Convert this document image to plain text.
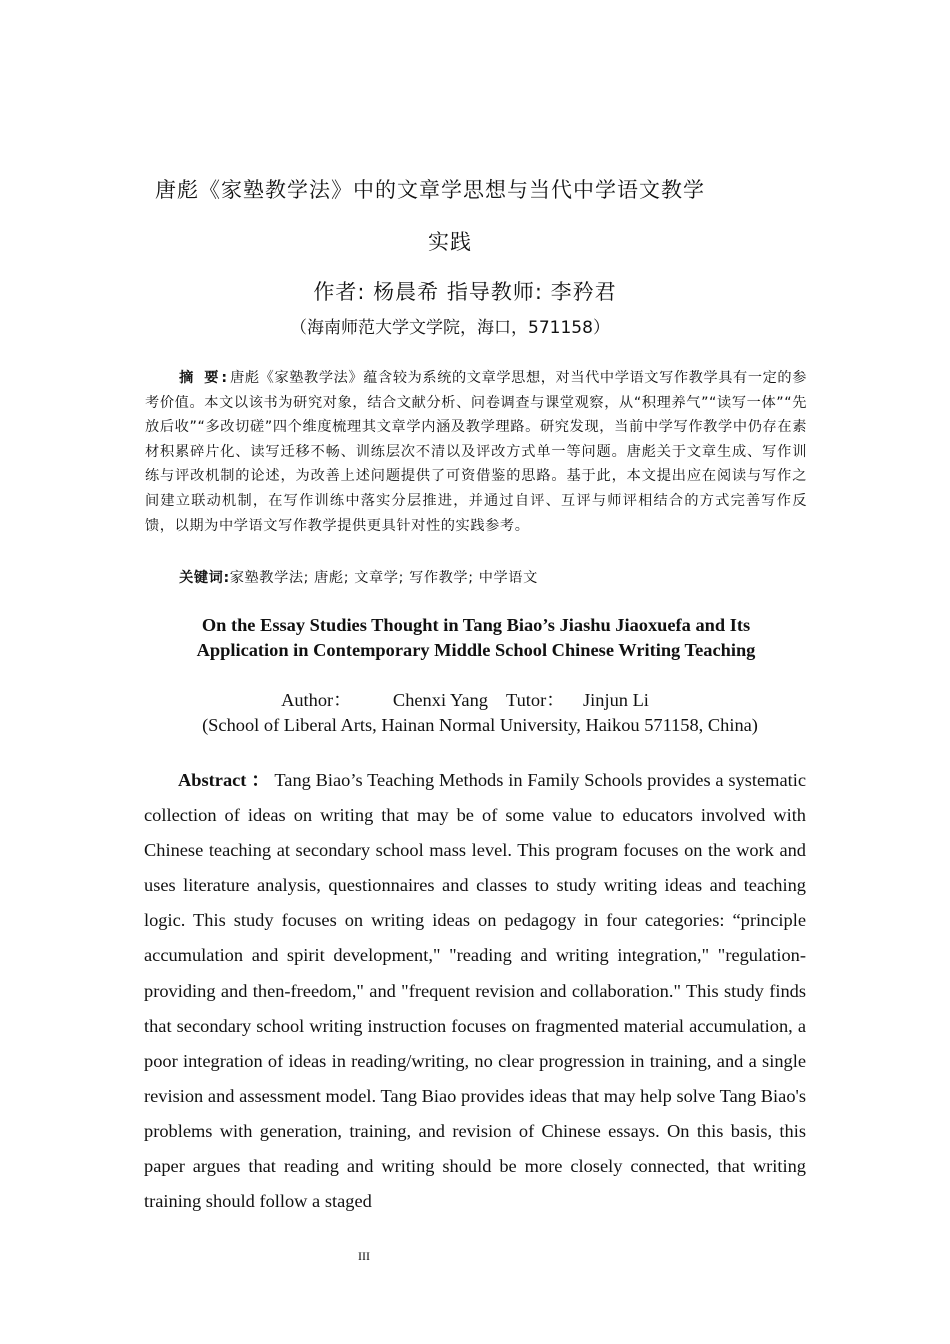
唐彪《家塾教学法》中的文章学思想与当代中学语文教学
实践
作者: 杨晨希 指导教师: 李矜君
（海南师范大学文学院，海口，571158）
摘 要:唐彪《家塾教学法》蕴含较为系统的文章学思想，对当代中学语文写作教学具有一定的参考价值。本文以该书为研究对象，结合文献分析、问卷调查与课堂观察，从“积理养气”“读写一体”“先放后收”“多改切磋”四个维度梳理其文章学内涵及教学理路。研究发现，当前中学写作教学中仍存在素材积累碎片化、读写迁移不畅、训练层次不清以及评改方式单一等问题。唐彪关于文章生成、写作训练与评改机制的论述，为改善上述问题提供了可资借鉴的思路。基于此，本文提出应在阅读与写作之间建立联动机制，在写作训练中落实分层推进，并通过自评、互评与师评相结合的方式完善写作反馈，以期为中学语文写作教学提供更具针对性的实践参考。
关键词:家塾教学法; 唐彪; 文章学; 写作教学; 中学语文
On the Essay Studies Thought in Tang Biao’s Jiashu Jiaoxuefa and Its
Application in Contemporary Middle School Chinese Writing Teaching
Author：         Chenxi Yang    Tutor：    Jinjun Li
(School of Liberal Arts, Hainan Normal University, Haikou 571158, China)
Abstract ： Tang Biao’s Teaching Methods in Family Schools provides a systematic collection of ideas on writing that may be of some value to educators involved with Chinese teaching at secondary school mass level. This program focuses on the work and uses literature analysis, questionnaires and classes to study writing ideas and teaching logic. This study focuses on writing ideas on pedagogy in four categories: “principle accumulation and spirit development," "reading and writing integration," "regulation-providing and then-freedom," and "frequent revision and collaboration." This study finds that secondary school writing instruction focuses on fragmented material accumulation, a poor integration of ideas in reading/writing, no clear progression in training, and a single revision and assessment model. Tang Biao provides ideas that may help solve Tang Biao's problems with generation, training, and revision of Chinese essays. On this basis, this paper argues that reading and writing should be more closely connected, that writing training should follow a staged
III
